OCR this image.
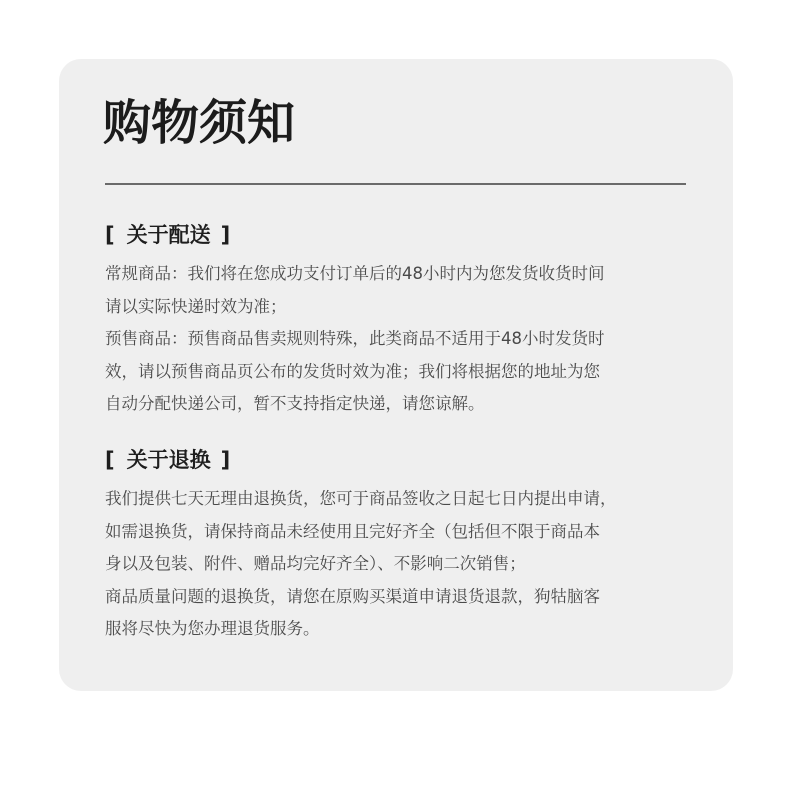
购物须知
[ 关于配送 ]
常规商品：我们将在您成功支付订单后的48小时内为您发货收货时间
请以实际快递时效为准；
预售商品：预售商品售卖规则特殊，此类商品不适用于48小时发货时
效，请以预售商品页公布的发货时效为准；我们将根据您的地址为您
自动分配快递公司，暂不支持指定快递，请您谅解。
[ 关于退换 ]
我们提供七天无理由退换货，您可于商品签收之日起七日内提出申请，
如需退换货，请保持商品未经使用且完好齐全（包括但不限于商品本
身以及包装、附件、赠品均完好齐全）、不影响二次销售；
商品质量问题的退换货，请您在原购买渠道申请退货退款，狗牯脑客
服将尽快为您办理退货服务。
